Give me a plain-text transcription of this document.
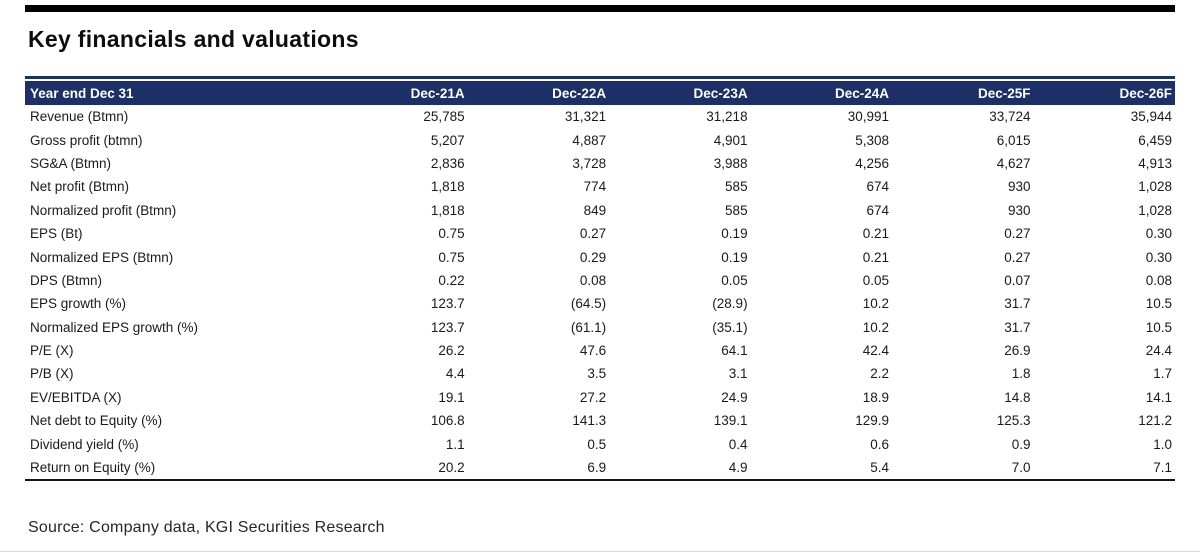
Key financials and valuations
Year end Dec 31	Dec-21A	Dec-22A	Dec-23A	Dec-24A	Dec-25F	Dec-26F
Revenue (Btmn)	25,785	31,321	31,218	30,991	33,724	35,944
Gross profit (btmn)	5,207	4,887	4,901	5,308	6,015	6,459
SG&A (Btmn)	2,836	3,728	3,988	4,256	4,627	4,913
Net profit (Btmn)	1,818	774	585	674	930	1,028
Normalized profit (Btmn)	1,818	849	585	674	930	1,028
EPS (Bt)	0.75	0.27	0.19	0.21	0.27	0.30
Normalized EPS (Btmn)	0.75	0.29	0.19	0.21	0.27	0.30
DPS (Btmn)	0.22	0.08	0.05	0.05	0.07	0.08
EPS growth (%)	123.7	(64.5)	(28.9)	10.2	31.7	10.5
Normalized EPS growth (%)	123.7	(61.1)	(35.1)	10.2	31.7	10.5
P/E (X)	26.2	47.6	64.1	42.4	26.9	24.4
P/B (X)	4.4	3.5	3.1	2.2	1.8	1.7
EV/EBITDA (X)	19.1	27.2	24.9	18.9	14.8	14.1
Net debt to Equity (%)	106.8	141.3	139.1	129.9	125.3	121.2
Dividend yield (%)	1.1	0.5	0.4	0.6	0.9	1.0
Return on Equity (%)	20.2	6.9	4.9	5.4	7.0	7.1
Source: Company data, KGI Securities Research
